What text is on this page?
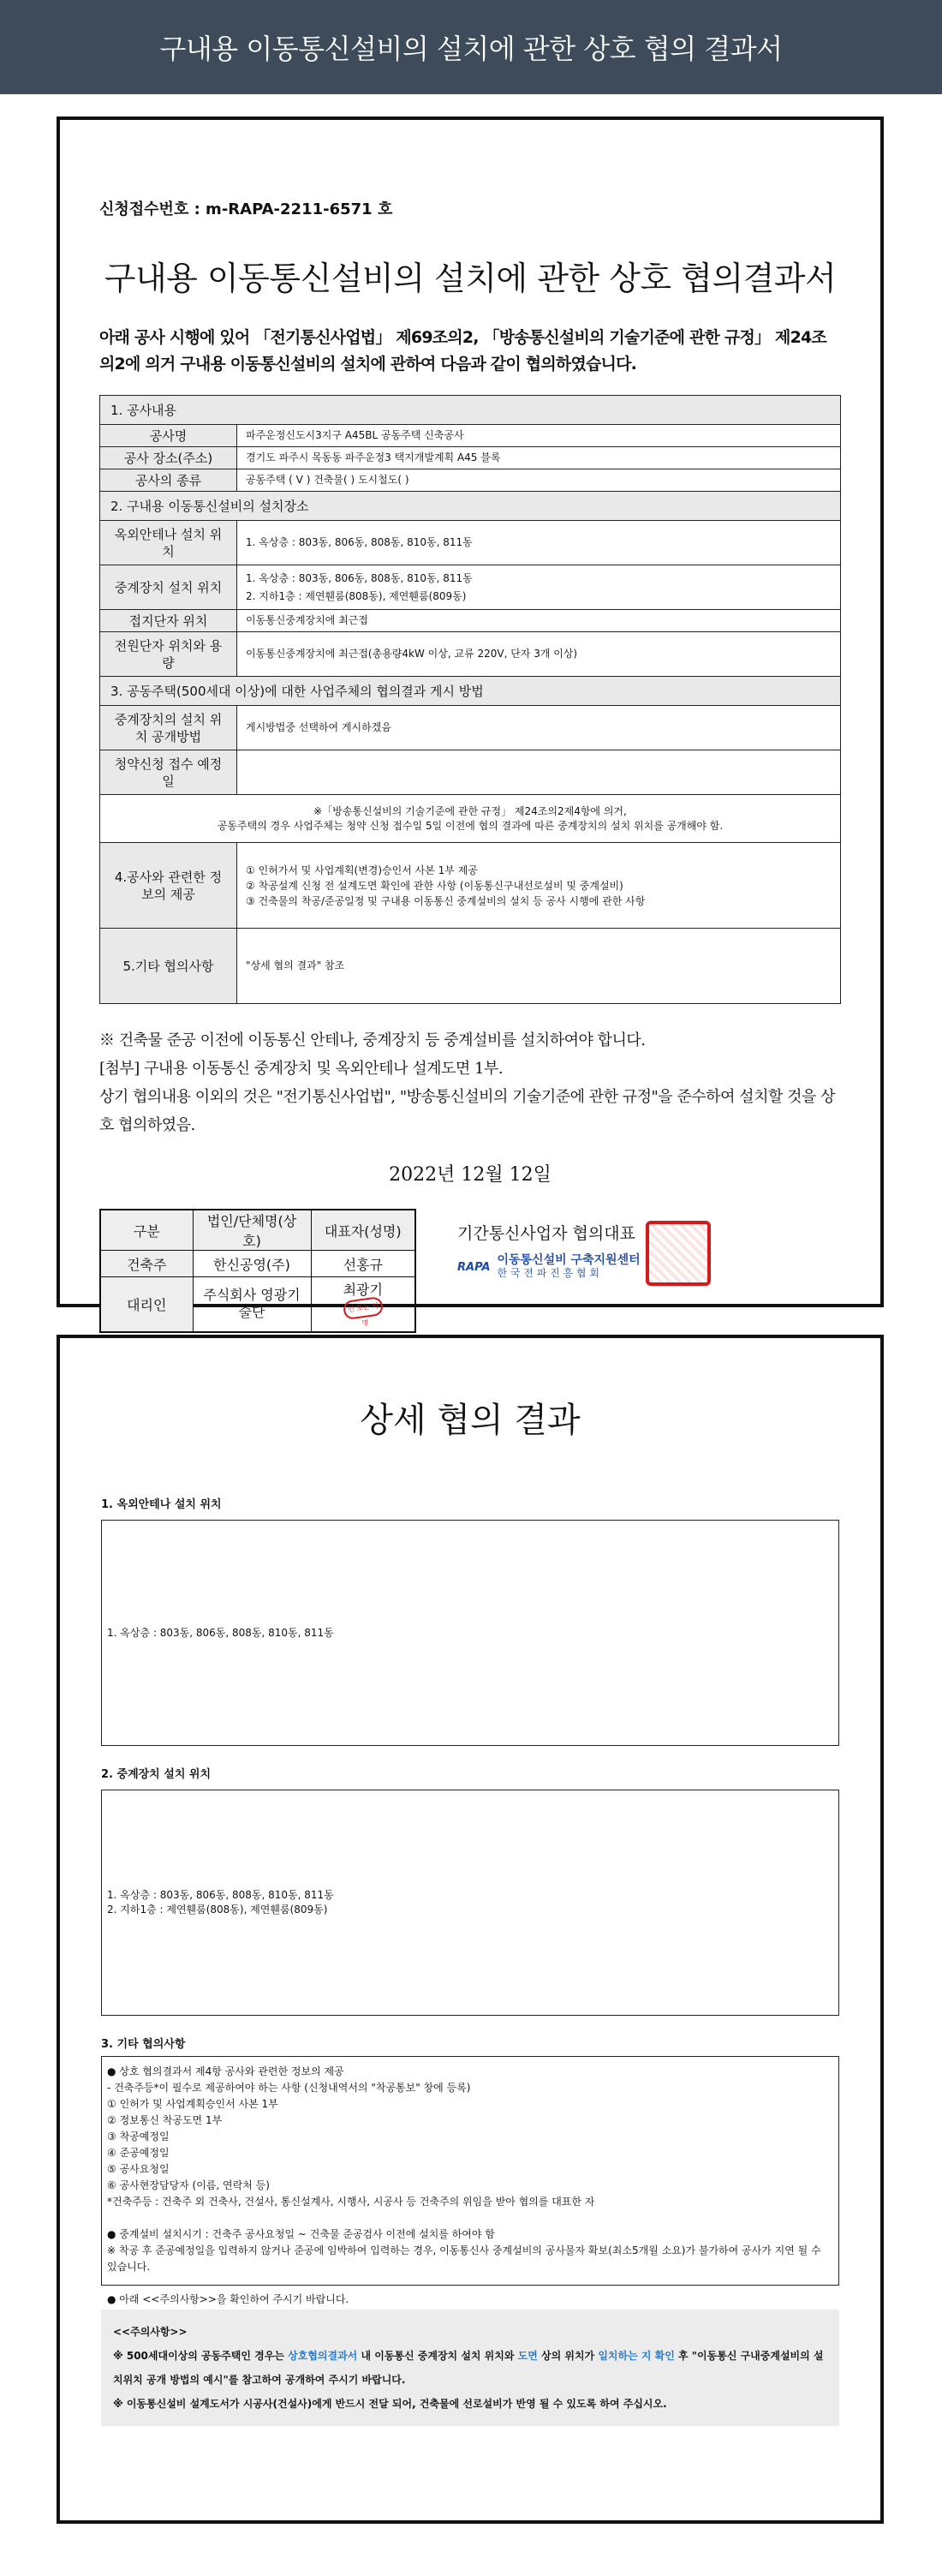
구내용 이동통신설비의 설치에 관한 상호 협의 결과서
신청접수번호 : m-RAPA-2211-6571 호
구내용 이동통신설비의 설치에 관한 상호 협의결과서
아래 공사 시행에 있어 「전기통신사업법」 제69조의2, 「방송통신설비의 기술기준에 관한 규정」 제24조의2에 의거 구내용 이동통신설비의 설치에 관하여 다음과 같이 협의하였습니다.
1. 공사내용	
공사명	파주운정신도시3지구 A45BL 공동주택 신축공사
공사 장소(주소)	경기도 파주시 목동동 파주운정3 택지개발계획 A45 블록
공사의 종류	공동주택 ( V ) 건축물( ) 도시철도( )
2. 구내용 이동통신설비의 설치장소	
옥외안테나 설치 위치	1. 옥상층 : 803동, 806동, 808동, 810동, 811동
중계장치 설치 위치	1. 옥상층 : 803동, 806동, 808동, 810동, 811동
2. 지하1층 : 제연휀룸(808동), 제연휀룸(809동)

접지단자 위치	이동통신중계장치에 최근접
전원단자 위치와 용량	이동통신중계장치에 최근접(총용량4kW 이상, 교류 220V, 단자 3개 이상)
3. 공동주택(500세대 이상)에 대한 사업주체의 협의결과 게시 방법	
중계장치의 설치 위치 공개방법	게시방법중 선택하여 게시하겠음
청약신청 접수 예정일	

※「방송통신설비의 기술기준에 관한 규정」 제24조의2제4항에 의거,
공동주택의 경우 사업주체는 청약 신청 접수일 5일 이전에 협의 결과에 따른 중계장치의 설치 위치를 공개해야 함.	

4.공사와 관련한 정보의 제공	① 인허가서 및 사업계획(변경)승인서 사본 1부 제공
② 착공설계 신청 전 설계도면 확인에 관한 사항 (이동통신구내선로설비 및 중계설비)
③ 건축물의 착공/준공일정 및 구내용 이동통신 중계설비의 설치 등 공사 시행에 관한 사항

5.기타 협의사항	"상세 협의 결과" 참조
※ 건축물 준공 이전에 이동통신 안테나, 중계장치 등 중계설비를 설치하여야 합니다.
[첨부] 구내용 이동통신 중계장치 및 옥외안테나 설계도면 1부.
상기 협의내용 이외의 것은 "전기통신사업법", "방송통신설비의 기술기준에 관한 규정"을 준수하여 설치할 것을 상호 협의하였음.
2022년 12월 12일
구분	법인/단체명(상호)	대표자(성명)
건축주	한신공영(주)	선홍규
대리인	주식회사 영광기술단	최광기
인 또는 서명
기간통신사업자 협의대표
RAPA 이동통신설비 구축지원센터
한 국 전 파 진 흥 협 회
상세 협의 결과
1. 옥외안테나 설치 위치
1. 옥상층 : 803동, 806동, 808동, 810동, 811동
2. 중계장치 설치 위치
1. 옥상층 : 803동, 806동, 808동, 810동, 811동
2. 지하1층 : 제연휀룸(808동), 제연휀룸(809동)
3. 기타 협의사항

● 상호 협의결과서 제4항 공사와 관련한 정보의 제공
- 건축주등*이 필수로 제공하여야 하는 사항 (신청내역서의 "착공통보" 창에 등록)
① 인허가 및 사업계획승인서 사본 1부
② 정보통신 착공도면 1부
③ 착공예정일
④ 준공예정일
⑤ 공사요청일
⑥ 공사현장담당자 (이름, 연락처 등)
*건축주등 : 건축주 외 건축사, 건설사, 통신설계사, 시행사, 시공사 등 건축주의 위임을 받아 협의를 대표한 자

● 중계설비 설치시기 : 건축주 공사요청일 ~ 건축물 준공검사 이전에 설치를 하여야 함
※ 착공 후 준공예정일을 입력하지 않거나 준공에 임박하여 입력하는 경우, 이동통신사 중계설비의 공사물자 확보(최소5개월 소요)가 불가하여 공사가 지연 될 수 있습니다.

● 아래 <<주의사항>>을 확인하여 주시기 바랍니다.

<<주의사항>>
※ 500세대이상의 공동주택인 경우는 상호협의결과서 내 이동통신 중계장치 설치 위치와 도면 상의 위치가 일치하는 지 확인 후 "이동통신 구내중계설비의 설치위치 공개 방법의 예시"를 참고하여 공개하여 주시기 바랍니다.
※ 이동통신설비 설계도서가 시공사(건설사)에게 반드시 전달 되어, 건축물에 선로설비가 반영 될 수 있도록 하여 주십시오.
